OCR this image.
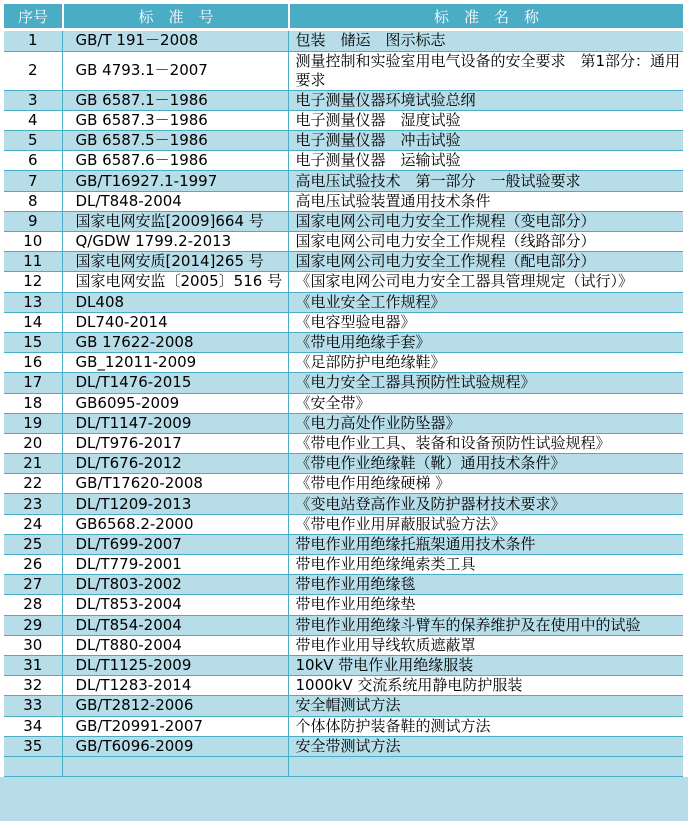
序号	标　准　号	标　准　名　称
1	GB/T 191－2008	包装　储运　图示标志
2	GB 4793.1－2007	测量控制和实验室用电气设备的安全要求　第1部分：通用要求
3	GB 6587.1－1986	电子测量仪器环境试验总纲
4	GB 6587.3－1986	电子测量仪器　湿度试验
5	GB 6587.5－1986	电子测量仪器　冲击试验
6	GB 6587.6－1986	电子测量仪器　运输试验
7	GB/T16927.1-1997	高电压试验技术　第一部分　一般试验要求
8	DL/T848-2004	高电压试验装置通用技术条件
9	国家电网安监[2009]664 号	国家电网公司电力安全工作规程（变电部分）
10	Q/GDW 1799.2-2013	国家电网公司电力安全工作规程（线路部分）
11	国家电网安质[2014]265 号	国家电网公司电力安全工作规程（配电部分）
12	国家电网安监〔2005〕516 号	《国家电网公司电力安全工器具管理规定（试行）》
13	DL408	《电业安全工作规程》
14	DL740-2014	《电容型验电器》
15	GB 17622-2008	《带电用绝缘手套》
16	GB_12011-2009	《足部防护电绝缘鞋》
17	DL/T1476-2015	《电力安全工器具预防性试验规程》
18	GB6095-2009	《安全带》
19	DL/T1147-2009	《电力高处作业防坠器》
20	DL/T976-2017	《带电作业工具、装备和设备预防性试验规程》
21	DL/T676-2012	《带电作业绝缘鞋（靴）通用技术条件》
22	GB/T17620-2008	《带电作用绝缘硬梯 》
23	DL/T1209-2013	《变电站登高作业及防护器材技术要求》
24	GB6568.2-2000	《带电作业用屏蔽服试验方法》
25	DL/T699-2007	带电作业用绝缘托瓶架通用技术条件
26	DL/T779-2001	带电作业用绝缘绳索类工具
27	DL/T803-2002	带电作业用绝缘毯
28	DL/T853-2004	带电作业用绝缘垫
29	DL/T854-2004	带电作业用绝缘斗臂车的保养维护及在使用中的试验
30	DL/T880-2004	带电作业用导线软质遮蔽罩
31	DL/T1125-2009	10kV 带电作业用绝缘服装
32	DL/T1283-2014	1000kV 交流系统用静电防护服装
33	GB/T2812-2006	安全帽测试方法
34	GB/T20991-2007	个体体防护装备鞋的测试方法
35	GB/T6096-2009	安全带测试方法
